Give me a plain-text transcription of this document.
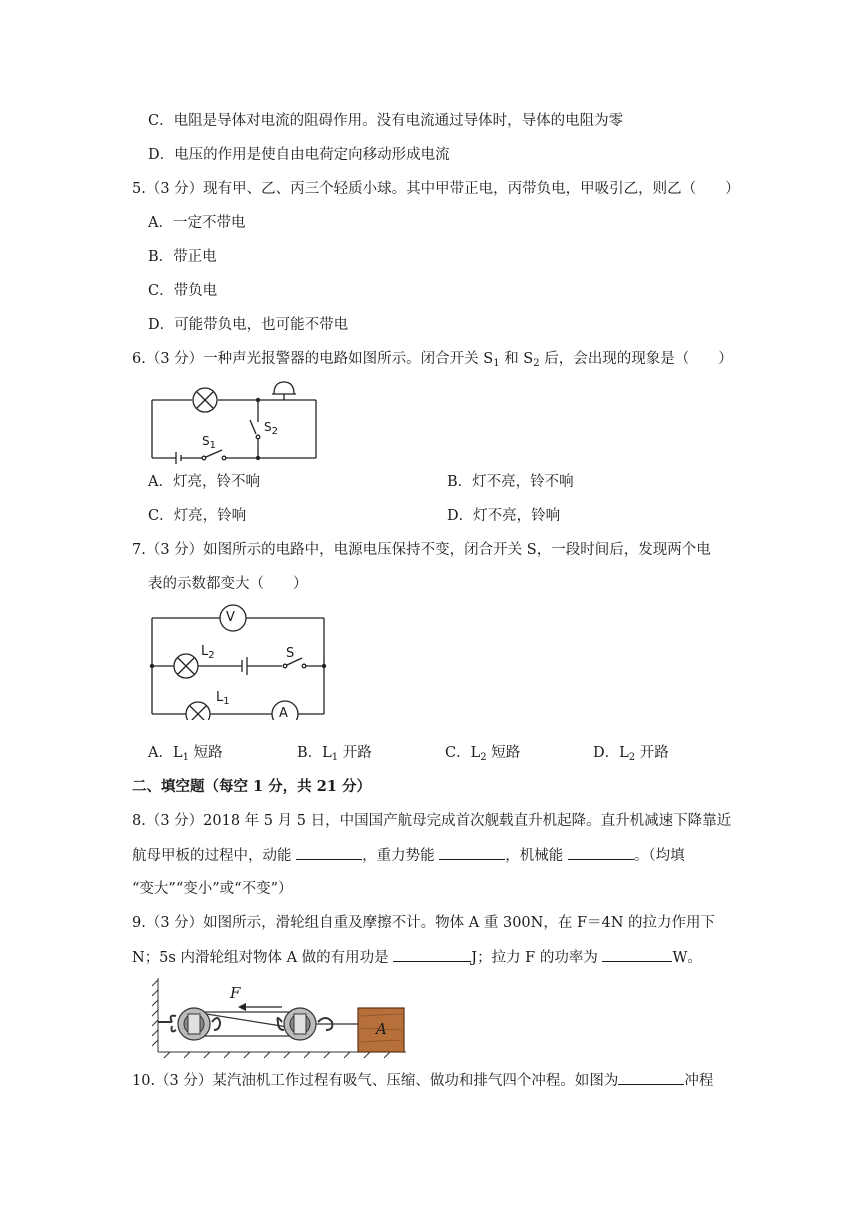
C．电阻是导体对电流的阻碍作用。没有电流通过导体时，导体的电阻为零
D．电压的作用是使自由电荷定向移动形成电流
5.（3 分）现有甲、乙、丙三个轻质小球。其中甲带正电，丙带负电，甲吸引乙，则乙（　　）
A．一定不带电
B．带正电
C．带负电
D．可能带负电，也可能不带电
6.（3 分）一种声光报警器的电路如图所示。闭合开关 $S_1$ 和 $S_2$ 后，会出现的现象是（　　）
$S_1$
$S_2$
A．灯亮，铃不响	B．灯不亮，铃不响
C．灯亮，铃响	D．灯不亮，铃响
7.（3 分）如图所示的电路中，电源电压保持不变，闭合开关 S，一段时间后，发现两个电
表的示数都变大（　　）
V
A
S
$L_2$
$L_1$
A．$L_1$ 短路	B．$L_1$ 开路	C．$L_2$ 短路	D．$L_2$ 开路
二、填空题（每空 1 分，共 21 分）
8.（3 分）2018 年 5 月 5 日，中国国产航母完成首次舰载直升机起降。直升机减速下降靠近
航母甲板的过程中，动能	，重力势能	，机械能	。（均填
“变大”“变小”或“不变”）
9.（3 分）如图所示，滑轮组自重及摩擦不计。物体 A 重 300N，在 F＝4N 的拉力作用下
N；5s 内滑轮组对物体 A 做的有用功是	J；拉力 F 的功率为	W。
F
A
10.（3 分）某汽油机工作过程有吸气、压缩、做功和排气四个冲程。如图为	冲程
